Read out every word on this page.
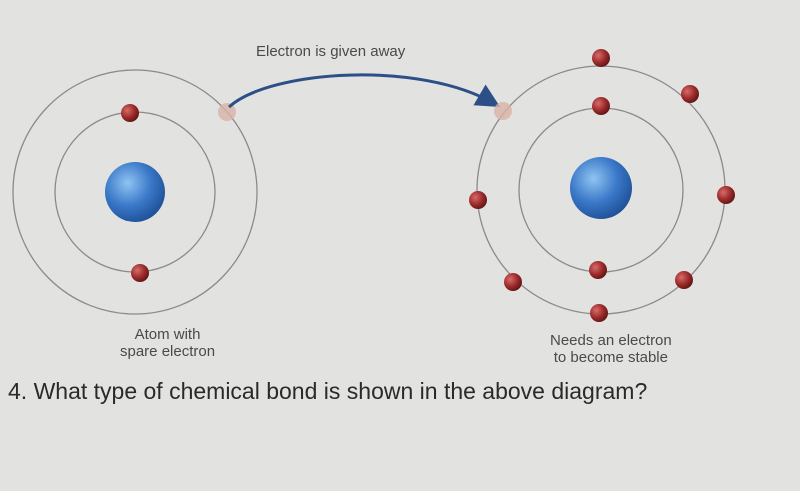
Electron is given away
Atom with
spare electron
Needs an electron
to become stable
4. What type of chemical bond is shown in the above diagram?
